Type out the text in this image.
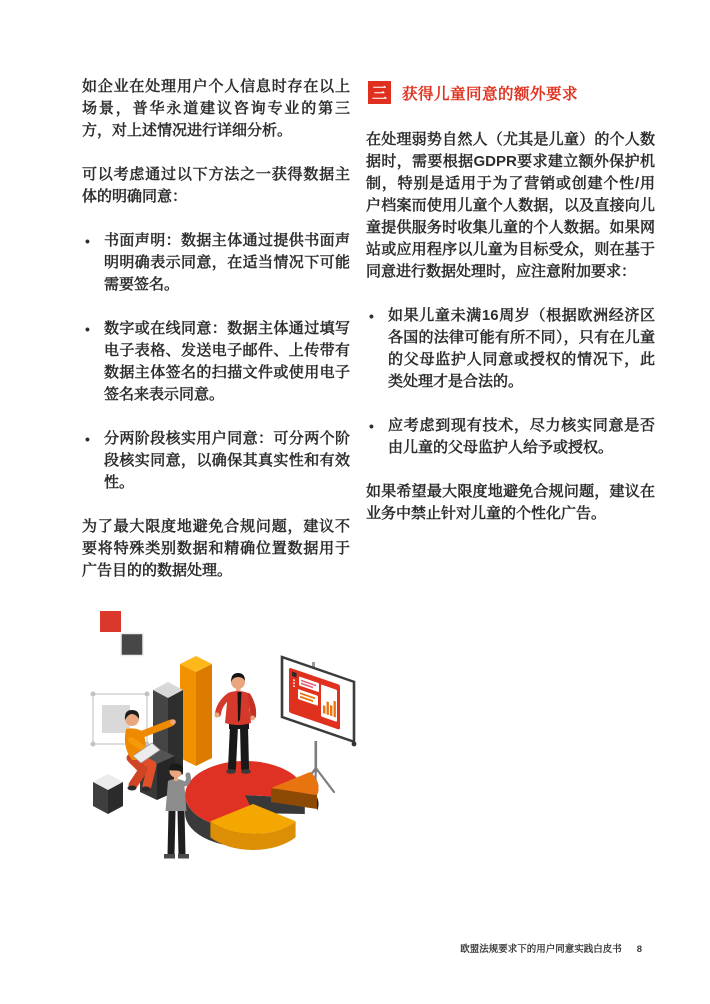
如企业在处理用户个人信息时存在以上场景，普华永道建议咨询专业的第三方，对上述情况进行详细分析。

可以考虑通过以下方法之一获得数据主体的明确同意：

• 书面声明：数据主体通过提供书面声明明确表示同意，在适当情况下可能需要签名。
• 数字或在线同意：数据主体通过填写电子表格、发送电子邮件、上传带有数据主体签名的扫描文件或使用电子签名来表示同意。
• 分两阶段核实用户同意：可分两个阶段核实同意，以确保其真实性和有效性。

为了最大限度地避免合规问题，建议不要将特殊类别数据和精确位置数据用于广告目的的数据处理。

三 获得儿童同意的额外要求

在处理弱势自然人（尤其是儿童）的个人数据时，需要根据GDPR要求建立额外保护机制，特别是适用于为了营销或创建个性/用户档案而使用儿童个人数据，以及直接向儿童提供服务时收集儿童的个人数据。如果网站或应用程序以儿童为目标受众，则在基于同意进行数据处理时，应注意附加要求：

• 如果儿童未满16周岁（根据欧洲经济区各国的法律可能有所不同），只有在儿童的父母监护人同意或授权的情况下，此类处理才是合法的。
• 应考虑到现有技术，尽力核实同意是否由儿童的父母监护人给予或授权。

如果希望最大限度地避免合规问题，建议在业务中禁止针对儿童的个性化广告。

欧盟法规要求下的用户同意实践白皮书 8
